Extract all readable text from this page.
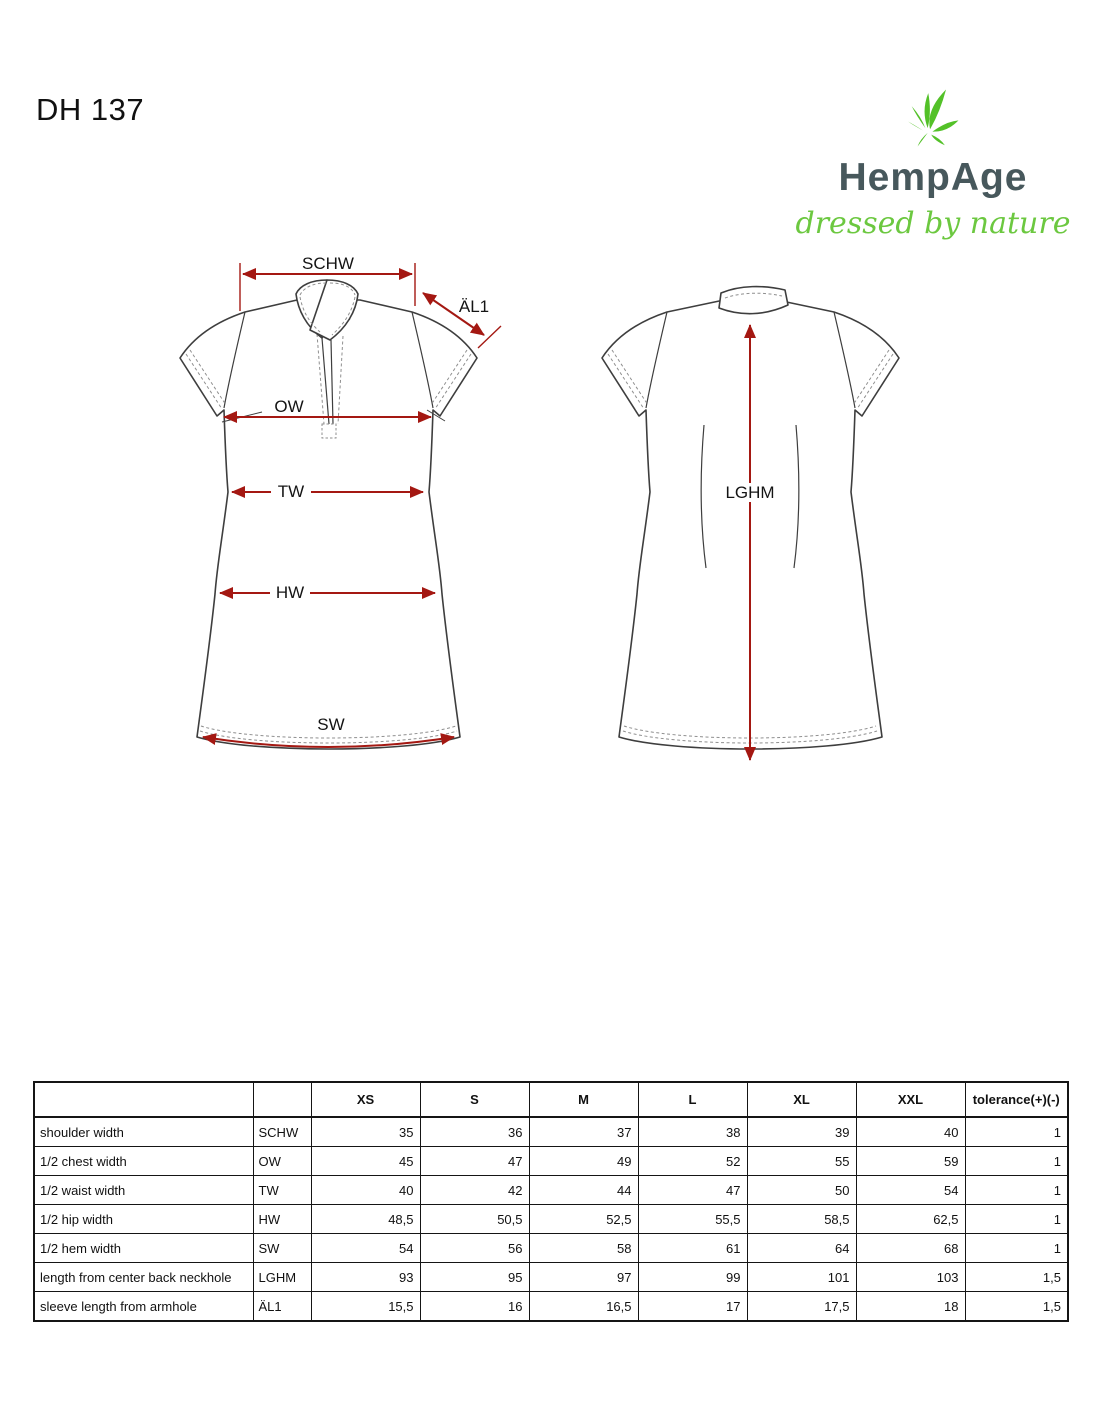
DH 137
HempAge
dressed by nature
SCHW
ÄL1
OW
TW
HW
SW
LGHM
		XS	S	M	L	XL	XXL	tolerance(+)(-)
shoulder width	SCHW	35	36	37	38	39	40	1
1/2 chest width	OW	45	47	49	52	55	59	1
1/2 waist width	TW	40	42	44	47	50	54	1
1/2 hip width	HW	48,5	50,5	52,5	55,5	58,5	62,5	1
1/2 hem width	SW	54	56	58	61	64	68	1
length from center back neckhole	LGHM	93	95	97	99	101	103	1,5
sleeve length from armhole	ÄL1	15,5	16	16,5	17	17,5	18	1,5
